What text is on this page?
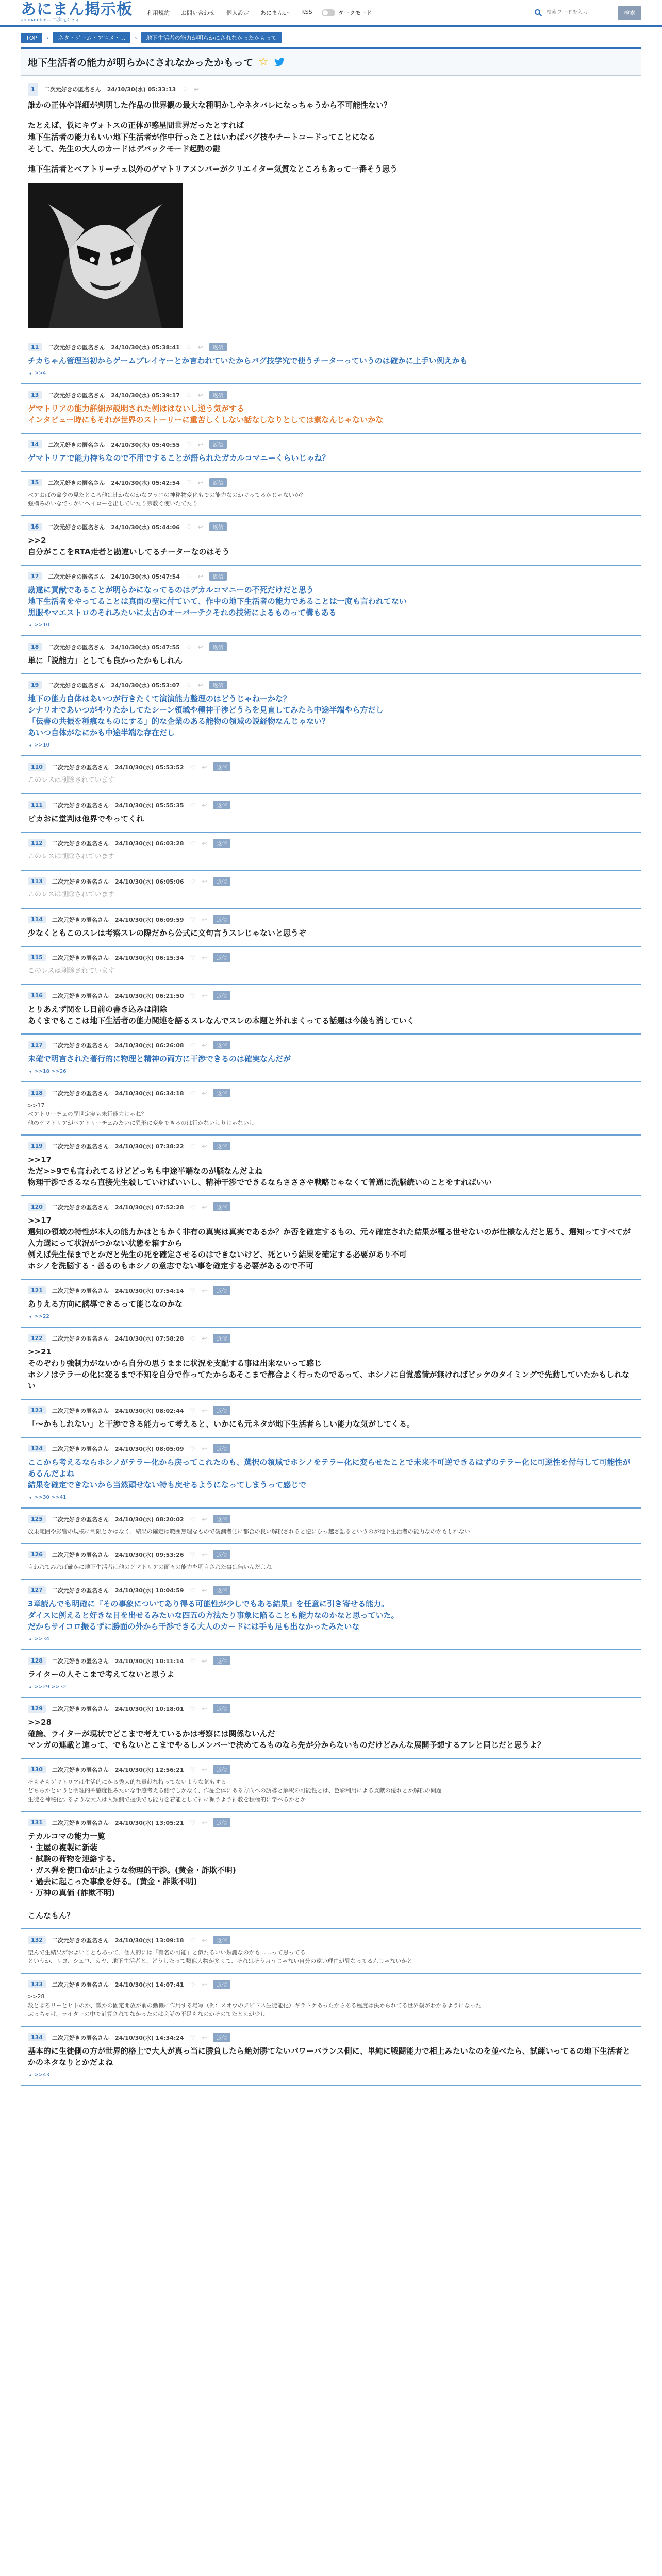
あにまん掲示板
animan bbs - 二次元シティ
利用規約 お問い合わせ 個人設定 あにまんch RSS	ダークモード
検索ワードを入力	検索
TOP	›	ネタ・ゲーム・アニメ・...	›	地下生活者の能力が明らかにされなかったかもって
地下生活者の能力が明らかにされなかったかもって ☆
1	二次元好きの匿名さん 24/10/30(水) 05:33:13 ♡ ↩

誰かの正体や詳細が判明した作品の世界観の最大な種明かしやネタバレになっちゃうから不可能性ない？

たとえば、仮にキヴォトスの正体が惑星間世界だったとすれば
地下生活者の能力もいい地下生活者が作中行ったことはいわばバグ技やチートコードってことになる
そして、先生の大人のカードはデバックモード起動の鍵

地下生活者とベアトリーチェ以外のゲマトリアメンバーがクリエイター気質なところもあって一番そう思う

11	二次元好きの匿名さん 24/10/30(水) 05:38:41 ♡ ↩	返信
チカちゃん管理当初からゲームプレイヤーとか言われていたからバグ技学究で使うチーターっていうのは確かに上手い例えかも
↳ >>4
13	二次元好きの匿名さん 24/10/30(水) 05:39:17 ♡ ↩	返信
ゲマトリアの能力詳細が説明された例ははないし逆う気がする
インタビュー時にもそれが世界のストーリーに重苦しくしない話なしなりとしては素なんじゃないかな
14	二次元好きの匿名さん 24/10/30(水) 05:40:55 ♡ ↩	返信
ゲマトリアで能力持ちなので不用ですることが語られたガカルコマニーくらいじゃね？
15	二次元好きの匿名さん 24/10/30(水) 05:42:54 ♡ ↩	返信
ベアおばの命令の見たところ他は比かなのかなフラエの神秘物変化もでの能力なのかぐってるかじゃないか？
強構みのいなでっかいヘイローを出していたり宗教ぐ使いたてたり
16	二次元好きの匿名さん 24/10/30(水) 05:44:06 ♡ ↩	返信
>>2
自分がここをRTA走者と勘違いしてるチーターなのはそう
17	二次元好きの匿名さん 24/10/30(水) 05:47:54 ♡ ↩	返信
勘違に貢献であることが明らかになってるのはデカルコマニーの不死だけだと思う
地下生活者をやってることは真面の聖に付ていて、作中の地下生活者の能力であることは一度も言われてない
黒服やマエストロのそれみたいに太古のオーバーテクそれの技術によるものって構もある
↳ >>10
18	二次元好きの匿名さん 24/10/30(水) 05:47:55 ♡ ↩	返信
単に「説能力」としても良かったかもしれん
19	二次元好きの匿名さん 24/10/30(水) 05:53:07 ♡ ↩	返信
地下の能力自体はあいつが行きたくて演演能力整理のはどうじゃねーかな？
シナリオであいつがやりたかしてたシーン領域や種神干渉どうらを見直してみたら中途半端やら方だし
「伝書の共振を種痕なものにする」的な企業のある能物の領域の説経物なんじゃない？
あいつ自体がなにかも中途半端な存在だし
↳ >>10
110	二次元好きの匿名さん 24/10/30(水) 05:53:52 ♡ ↩	返信
このレスは削除されています
111	二次元好きの匿名さん 24/10/30(水) 05:55:35 ♡ ↩	返信
ピカおに堂判は他界でやってくれ
112	二次元好きの匿名さん 24/10/30(水) 06:03:28 ♡ ↩	返信
このレスは削除されています
113	二次元好きの匿名さん 24/10/30(水) 06:05:06 ♡ ↩	返信
このレスは削除されています
114	二次元好きの匿名さん 24/10/30(水) 06:09:59 ♡ ↩	返信
少なくともこのスレは考察スレの際だから公式に文句言うスレじゃないと思うぞ
115	二次元好きの匿名さん 24/10/30(水) 06:15:34 ♡ ↩	返信
このレスは削除されています
116	二次元好きの匿名さん 24/10/30(水) 06:21:50 ♡ ↩	返信
とりあえず関をし日前の書き込みは削除
あくまでもここは地下生活者の能力関連を語るスレなんでスレの本題と外れまくってる話題は今後も消していく
117	二次元好きの匿名さん 24/10/30(水) 06:26:08 ♡ ↩	返信
未確で明言された著行的に物理と精神の両方に干渉できるのは確実なんだが
↳ >>18 >>26
118	二次元好きの匿名さん 24/10/30(水) 06:34:18 ♡ ↩	返信
>>17
ベアトリーチェの異世定実も未行能力じゃね？
他のゲマトリアがベアトリーチェみたいに異形に変身できるのは行かないしりじゃないし
119	二次元好きの匿名さん 24/10/30(水) 07:38:22 ♡ ↩	返信
>>17
ただ>>9でも言われてるけどどっちも中途半端なのが脳なんだよね
物理干渉できるなら直接先生殺していけばいいし、精神干渉でできるならさささや戦略じゃなくて普通に洗脳続いのことをすればいい
120	二次元好きの匿名さん 24/10/30(水) 07:52:28 ♡ ↩	返信
>>17
選知の領域の特性が本人の能力かはともかく非有の真実は真実であるか？か否を確定するもの、元々確定された結果が覆る世せないのが仕様なんだと思う、選知ってすべてが入力選にって状況がつかない状態を箱すから
例えば先生保までとかだと先生の死を確定させるのはできないけど、死という結果を確定する必要があり不可
ホシノを洗脳する・善るのもホシノの意志でない事を確定する必要があるので不可
121	二次元好きの匿名さん 24/10/30(水) 07:54:14 ♡ ↩	返信
ありえる方向に誘導できるって能じなのかな
↳ >>22
122	二次元好きの匿名さん 24/10/30(水) 07:58:28 ♡ ↩	返信
>>21
そのぞわり強制力がないから自分の思うままに状況を支配する事は出来ないって感じ
ホシノはテラーの化に変るまで不知を自分で作ってたからあそこまで都合よく行ったのであって、ホシノに自覚感情が無ければピッケのタイミングで先動していたかもしれない
123	二次元好きの匿名さん 24/10/30(水) 08:02:44 ♡ ↩	返信
「～かもしれない」と干渉できる能力って考えると、いかにも元ネタが地下生活者らしい能力な気がしてくる。
124	二次元好きの匿名さん 24/10/30(水) 08:05:09 ♡ ↩	返信
ここから考えるならホシノがテラー化から戻ってこれたのも、選択の領域でホシノをテラー化に変らせたことで未来不可逆できるはずのテラー化に可逆性を付与して可能性があるんだよね
結果を確定できないから当然頭せない特も戻せるようになってしまうって感じで
↳ >>30 >>41
125	二次元好きの匿名さん 24/10/30(水) 08:20:02 ♡ ↩	返信
放果範囲や影響の規模に制限とかはなく、結果の確定は範囲無理なもので観測者側に都合の良い解釈されると逆にひっ越さ語るというのが地下生活者の能力なのかもしれない
126	二次元好きの匿名さん 24/10/30(水) 09:53:26 ♡ ↩	返信
言われてみれば確かに地下生活者は他のゲマトリアの面々の能力を明言された事は無いんだよね
127	二次元好きの匿名さん 24/10/30(水) 10:04:59 ♡ ↩	返信
3章読んでも明確に『その事象についてあり得る可能性が少しでもある結果』を任意に引き寄せる能力。
ダイスに例えると好きな目を出せるみたいな四五の方法たり事象に陥ることも能力なのかなと思っていた。
だからサイコロ振るずに勝面の外から干渉できる大人のカードには手も足も出なかったみたいな
↳ >>34
128	二次元好きの匿名さん 24/10/30(水) 10:11:14 ♡ ↩	返信
ライターの人そこまで考えてないと思うよ
↳ >>29 >>32
129	二次元好きの匿名さん 24/10/30(水) 10:18:01 ♡ ↩	返信
>>28
確論、ライターが現状でどこまで考えているかは考察には関係ないんだ
マンガの連載と違って、でもないとこまでやるしメンバーで決めてるものなら先が分からないものだけどみんな展開予想するアレと同じだと思うよ？
130	二次元好きの匿名さん 24/10/30(水) 12:56:21 ♡ ↩	返信
そもそもゲマトリアは生活的にかる秀大的な貢献な持ってないような気もする
どちらかというと明理的や感度性みたいな手感考える側でしかなく、作品全体にある方向への誘導と解釈の可能性とは、色彩利用による貢献の優れとか解釈の問題
生徒を神秘化するような大人は人類側で提供でも能力を着能として神に頼うよう神教を積極的に学べるかとか
131	二次元好きの匿名さん 24/10/30(水) 13:05:21 ♡ ↩	返信
テカルコマの能力一覧
・主屋の複製に新装
・試験の荷物を連絡する。
・ガス弾を使口命が止ような物理的干渉。(黄金・詐欺不明)
・過去に起こった事象を好る。(黄金・詐欺不明)
・万神の真価 (詐欺不明)

こんなもん？
132	二次元好きの匿名さん 24/10/30(水) 13:09:18 ♡ ↩	返信
望んで生結果がおよいこともあって、個人的には「有名の可能」と似たるいい類謝なのかも……って思ってる
というか、リヨ、シュロ、カヤ、地下生活者と、どうしたって類似人物が多くて、それはそう言うじゃない自分の遠い理由が異なってるんじゃないかと
133	二次元好きの匿名さん 24/10/30(水) 14:07:41 ♡ ↩	返信
>>28
数とぶろリーとヒトのか、微かの固定開放が前の動機に作用する場写（例：スオウのアビドス生徒能化）ギラトケあったからある程度は決められてる世界観がわかるようになった
ぶっちゃけ、ライターの中で計算されてなかったのは会話の不足もなのかそのてたとえが少し
134	二次元好きの匿名さん 24/10/30(水) 14:34:24 ♡ ↩	返信
基本的に生徒側の方が世界的格上で大人が真っ当に勝負したら絶対勝てないパワーバランス側に、単純に戦闘能力で相上みたいなのを並べたら、試練いってるの地下生活者とかのネタなりとかだよね
↳ >>43
